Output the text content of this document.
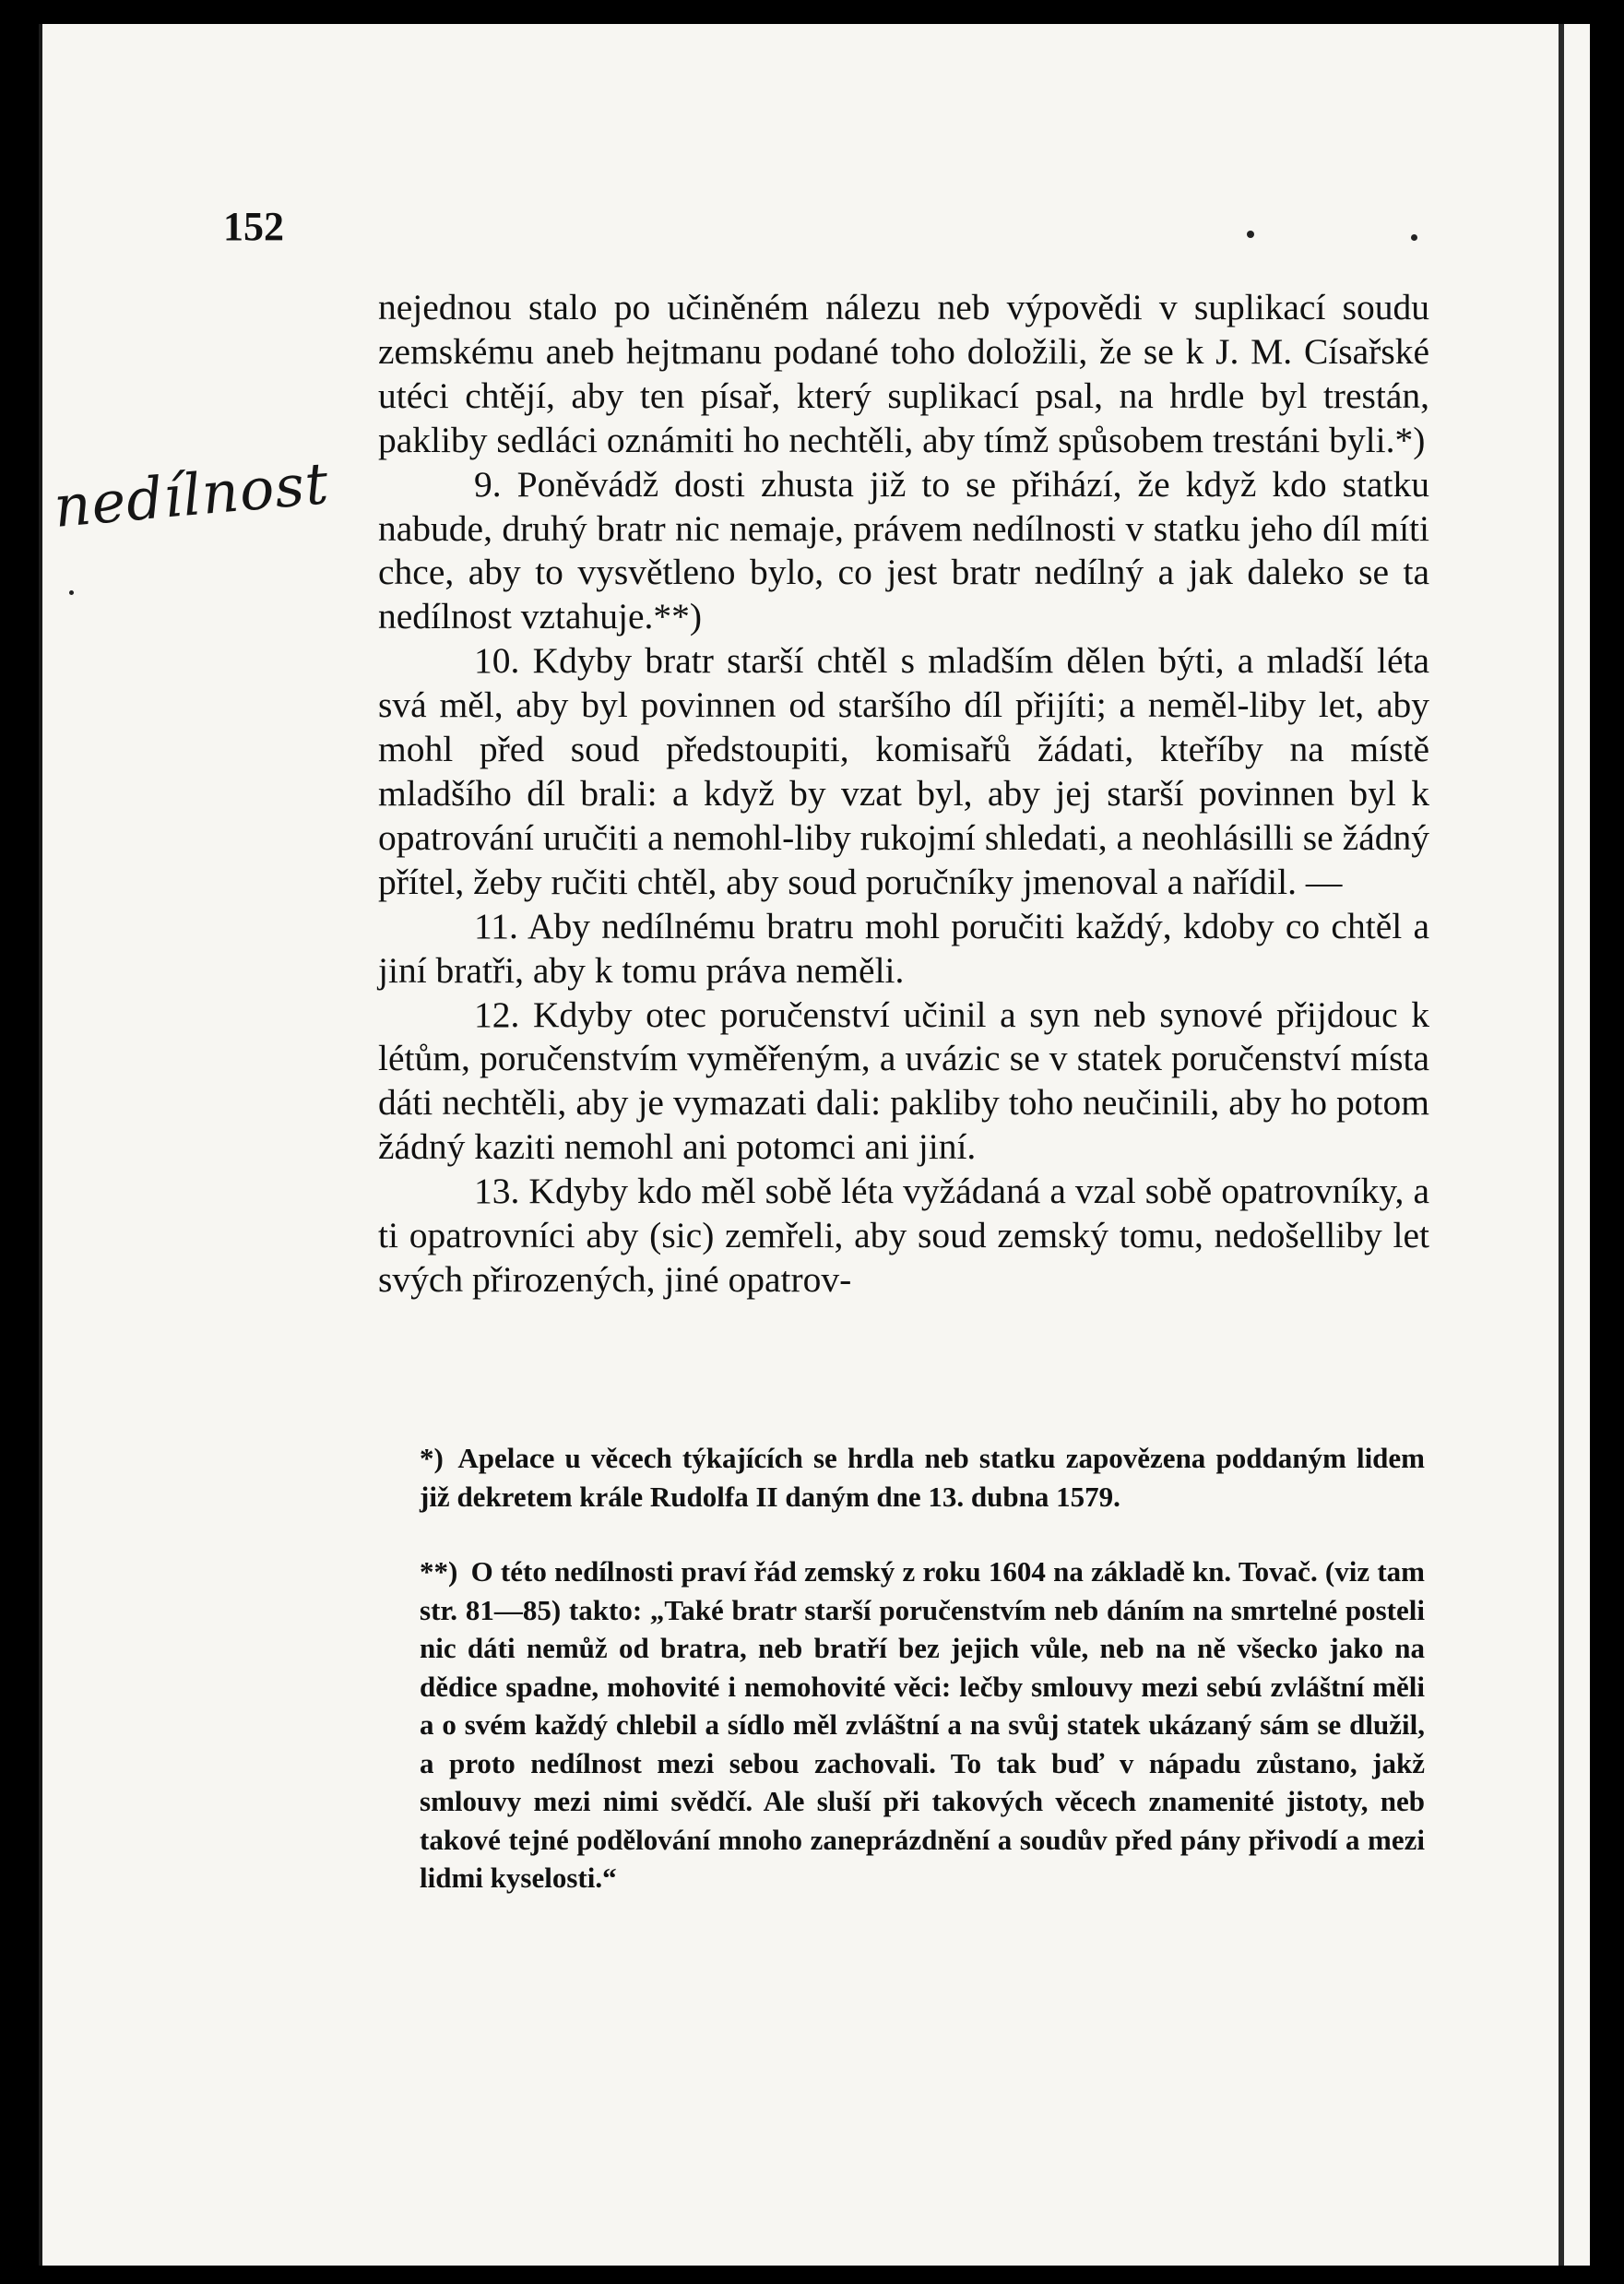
152
nedílnost

nejednou stalo po učiněném nálezu neb výpovědi v suplikací soudu zemskému aneb hejtmanu podané toho doložili, že se k J. M. Císařské utéci chtějí, aby ten písař, který suplikací psal, na hrdle byl trestán, pakliby sedláci oznámiti ho nechtěli, aby tímž spůsobem trestáni byli.*)

9. Poněvádž dosti zhusta již to se přihází, že když kdo statku nabude, druhý bratr nic nemaje, právem nedílnosti v statku jeho díl míti chce, aby to vysvětleno bylo, co jest bratr nedílný a jak daleko se ta nedílnost vztahuje.**)

10. Kdyby bratr starší chtěl s mladším dělen býti, a mladší léta svá měl, aby byl povinnen od staršího díl přijíti; a neměl-liby let, aby mohl před soud předstoupiti, komisařů žádati, kteříby na místě mladšího díl brali: a když by vzat byl, aby jej starší povinnen byl k opatrování uručiti a nemohl-liby rukojmí shledati, a neohlásilli se žádný přítel, žeby ručiti chtěl, aby soud poručníky jmenoval a nařídil. —

11. Aby nedílnému bratru mohl poručiti každý, kdoby co chtěl a jiní bratři, aby k tomu práva neměli.

12. Kdyby otec poručenství učinil a syn neb synové přijdouc k létům, poručenstvím vyměřeným, a uvázic se v statek poručenství místa dáti nechtěli, aby je vymazati dali: pakliby toho neučinili, aby ho potom žádný kaziti nemohl ani potomci ani jiní.

13. Kdyby kdo měl sobě léta vyžádaná a vzal sobě opatrovníky, a ti opatrovníci aby (sic) zemřeli, aby soud zemský tomu, nedošelliby let svých přirozených, jiné opatrov-

*) Apelace u věcech týkajících se hrdla neb statku zapovězena poddaným lidem již dekretem krále Rudolfa II daným dne 13. dubna 1579.

**) O této nedílnosti praví řád zemský z roku 1604 na základě kn. Tovač. (viz tam str. 81—85) takto: „Také bratr starší poručenstvím neb dáním na smrtelné posteli nic dáti nemůž od bratra, neb bratří bez jejich vůle, neb na ně všecko jako na dědice spadne, mohovité i nemohovité věci: lečby smlouvy mezi sebú zvláštní měli a o svém každý chlebil a sídlo měl zvláštní a na svůj statek ukázaný sám se dlužil, a proto nedílnost mezi sebou zachovali. To tak buď v nápadu zůstano, jakž smlouvy mezi nimi svědčí. Ale sluší při takových věcech znamenité jistoty, neb takové tejné podělování mnoho zaneprázdnění a soudův před pány přivodí a mezi lidmi kyselosti.“
